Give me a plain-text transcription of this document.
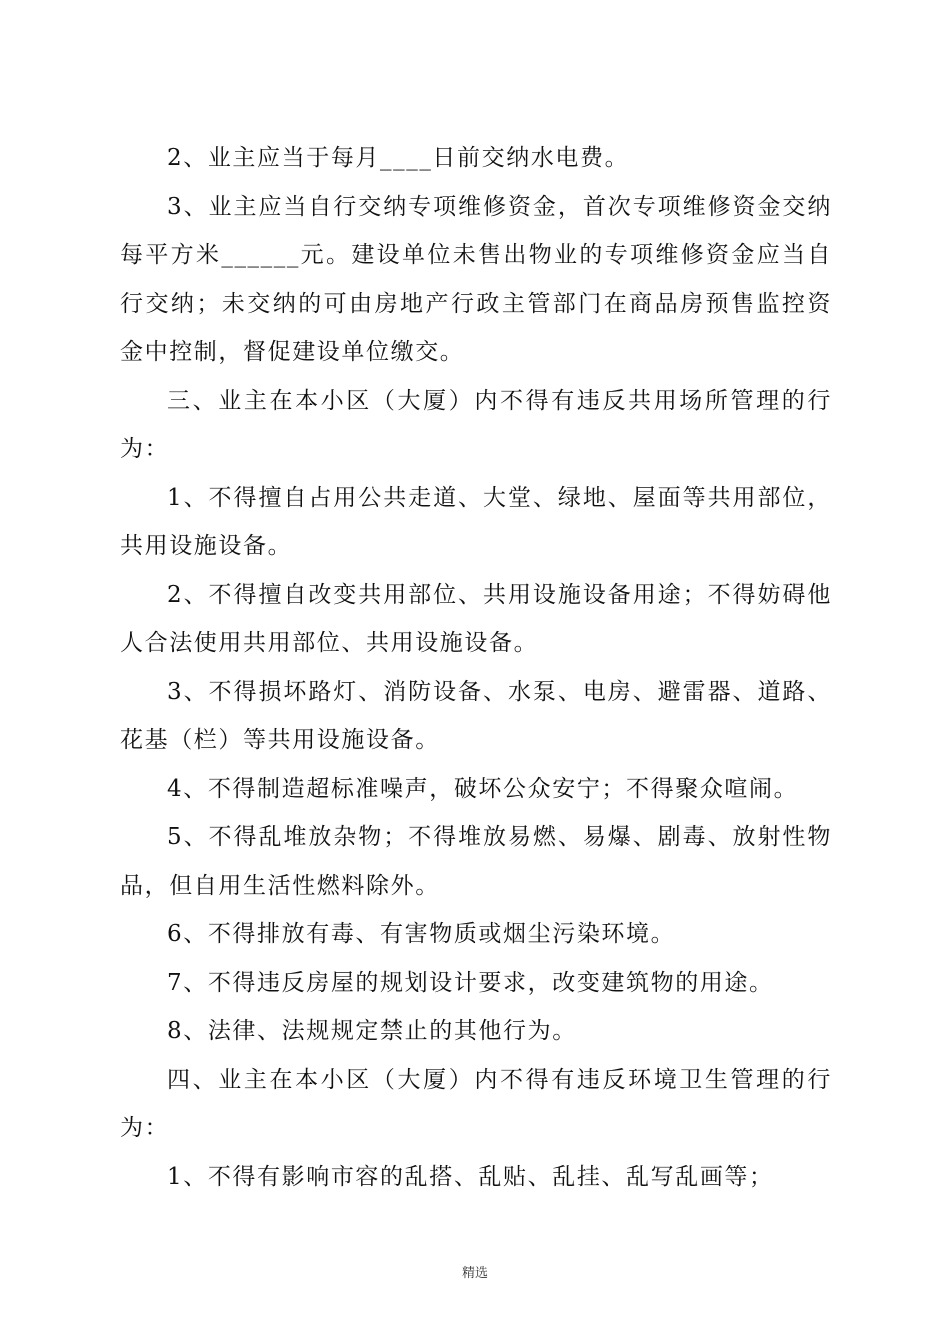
2、业主应当于每月____日前交纳水电费。

3、业主应当自行交纳专项维修资金，首次专项维修资金交纳每平方米______元。建设单位未售出物业的专项维修资金应当自行交纳；未交纳的可由房地产行政主管部门在商品房预售监控资金中控制，督促建设单位缴交。

三、业主在本小区（大厦）内不得有违反共用场所管理的行为：

1、不得擅自占用公共走道、大堂、绿地、屋面等共用部位，共用设施设备。

2、不得擅自改变共用部位、共用设施设备用途；不得妨碍他人合法使用共用部位、共用设施设备。

3、不得损坏路灯、消防设备、水泵、电房、避雷器、道路、花基（栏）等共用设施设备。

4、不得制造超标准噪声，破坏公众安宁；不得聚众喧闹。

5、不得乱堆放杂物；不得堆放易燃、易爆、剧毒、放射性物品，但自用生活性燃料除外。

6、不得排放有毒、有害物质或烟尘污染环境。

7、不得违反房屋的规划设计要求，改变建筑物的用途。

8、法律、法规规定禁止的其他行为。

四、业主在本小区（大厦）内不得有违反环境卫生管理的行为：

1、不得有影响市容的乱搭、乱贴、乱挂、乱写乱画等；

精选
